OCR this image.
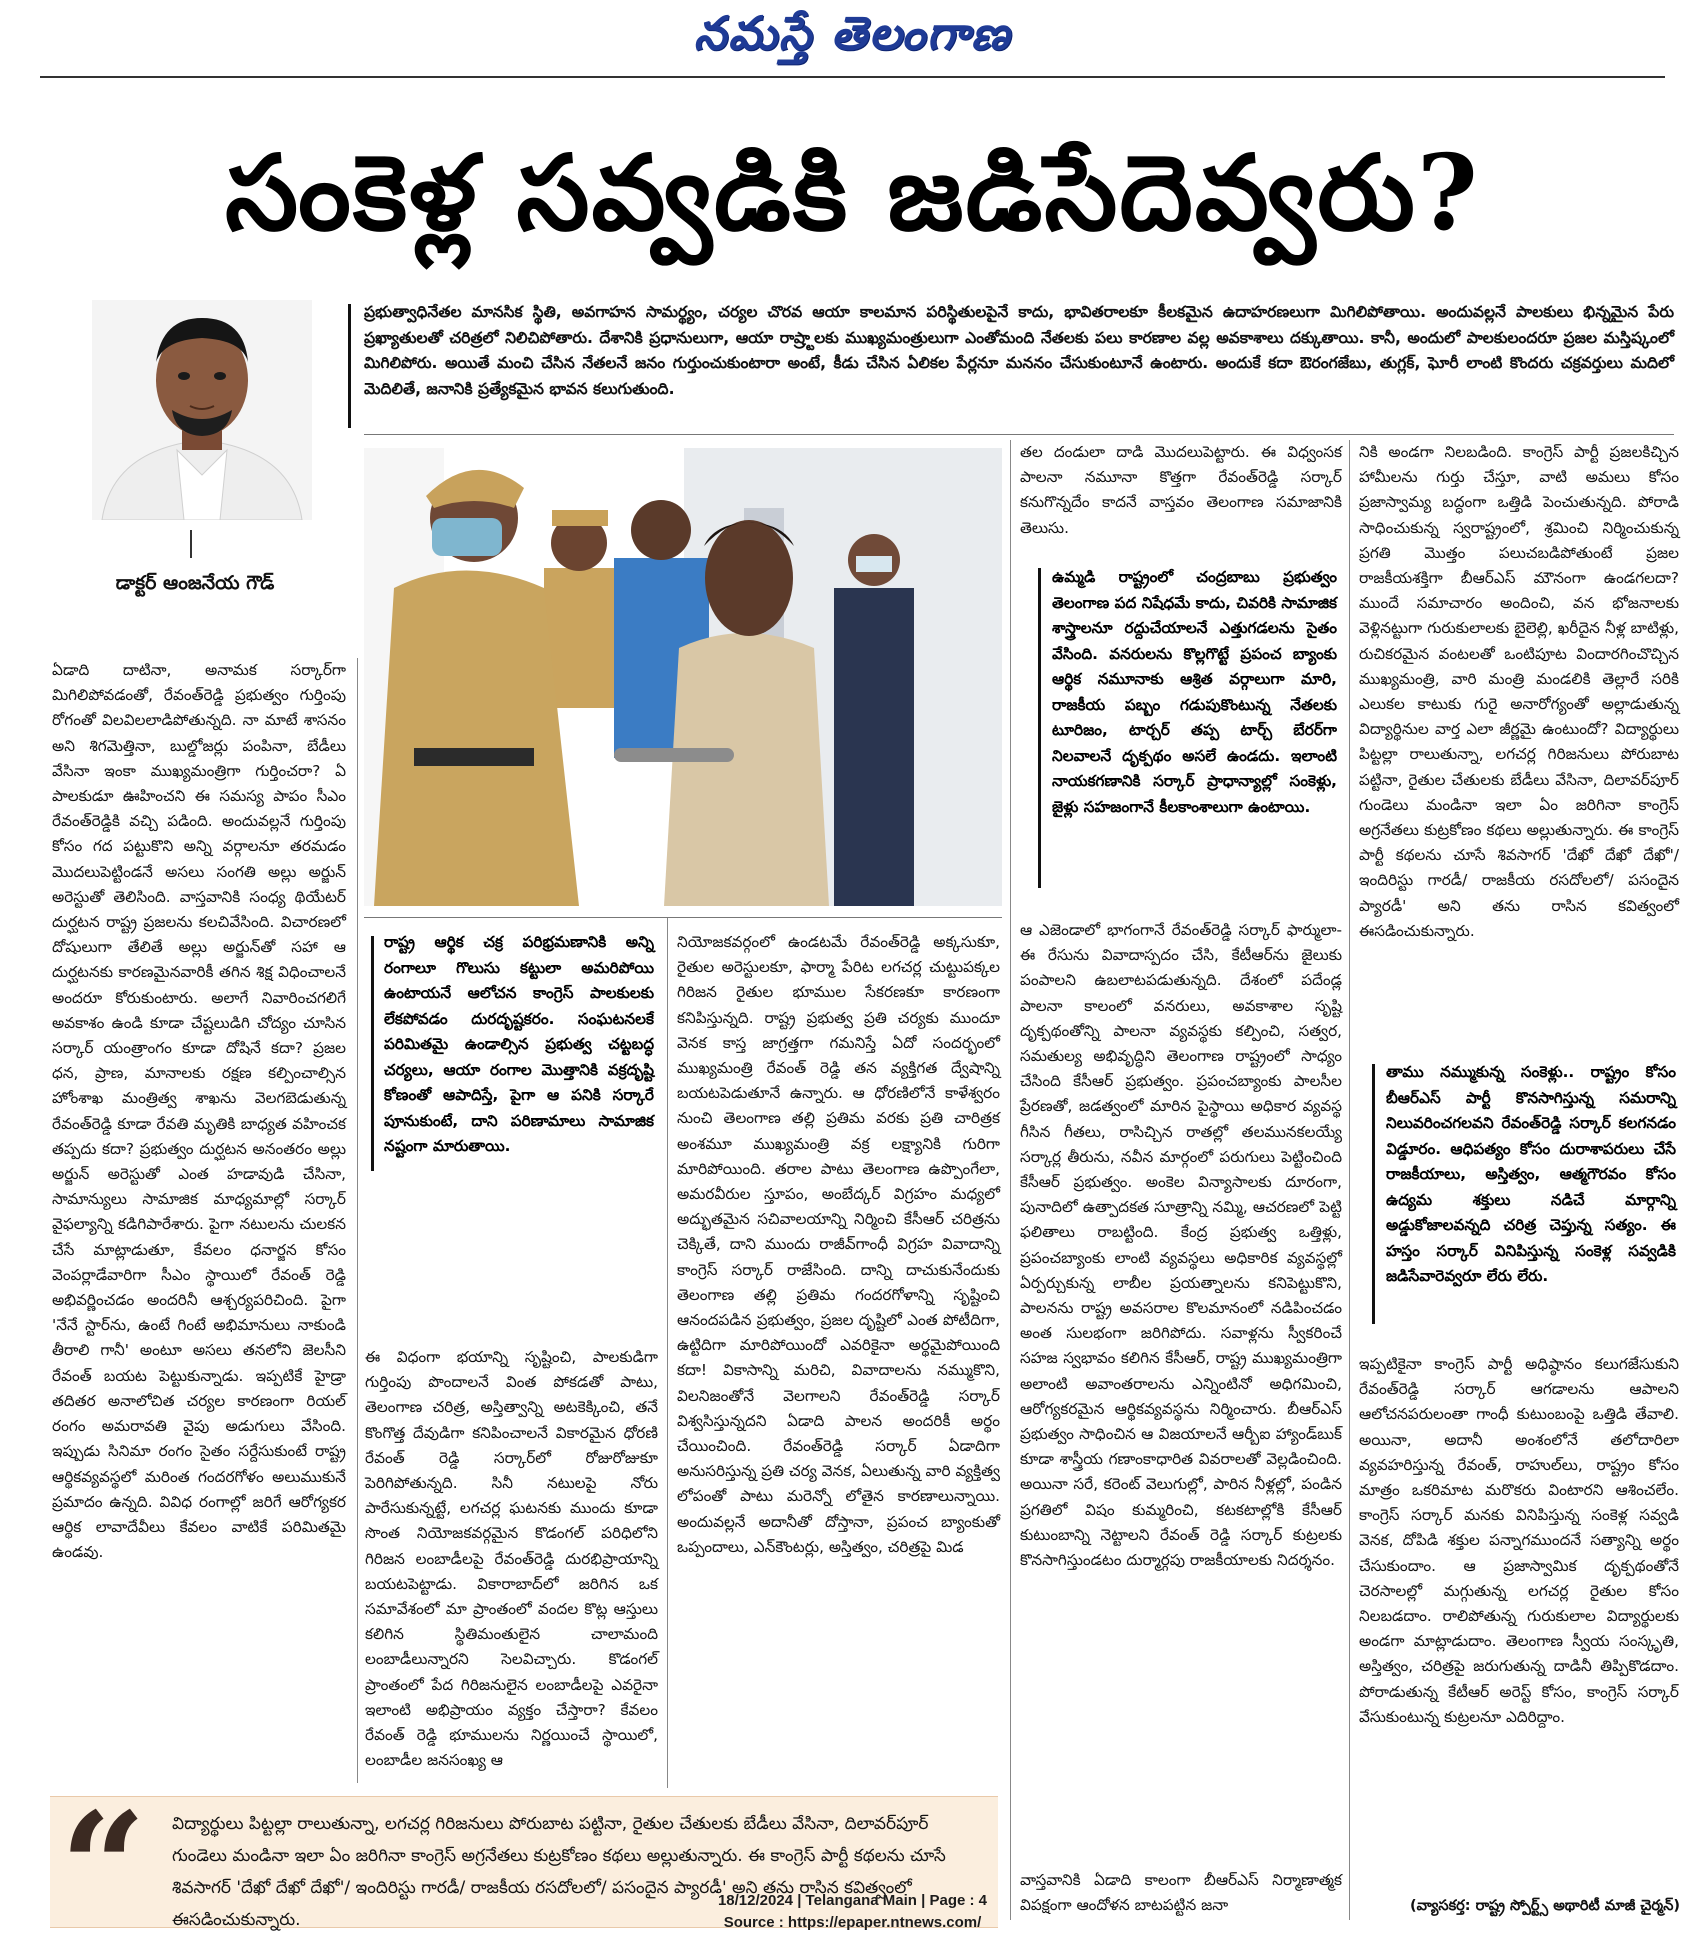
నమస్తే తెలంగాణ
సంకెళ్ల సవ్వడికి జడిసేదెవ్వరు?
డాక్టర్ ఆంజనేయ గౌడ్
ప్రభుత్వాధినేతల మానసిక స్థితి, అవగాహన సామర్థ్యం, చర్యల చొరవ ఆయా కాలమాన పరిస్థితులపైనే కాదు, భావితరాలకూ కీలకమైన ఉదాహరణలుగా మిగిలిపోతాయి. అందువల్లనే పాలకులు భిన్నమైన పేరు ప్రఖ్యాతులతో చరిత్రలో నిలిచిపోతారు. దేశానికి ప్రధానులుగా, ఆయా రాష్ర్టాలకు ముఖ్యమంత్రులుగా ఎంతోమంది నేతలకు పలు కారణాల వల్ల అవకాశాలు దక్కుతాయి. కానీ, అందులో పాలకులందరూ ప్రజల మస్తిష్కంలో మిగిలిపోరు. అయితే మంచి చేసిన నేతలనే జనం గుర్తుంచుకుంటారా అంటే, కీడు చేసిన ఏలికల పేర్లనూ మననం చేసుకుంటూనే ఉంటారు. అందుకే కదా ఔరంగజేబు, తుగ్లక్, ఘోరీ లాంటి కొందరు చక్రవర్తులు మదిలో మెదిలితే, జనానికి ప్రత్యేకమైన భావన కలుగుతుంది.
రాష్ట్ర ఆర్థిక చక్ర పరిభ్రమణానికి అన్ని రంగాలూ గొలుసు కట్టులా అమరిపోయి ఉంటాయనే ఆలోచన కాంగ్రెస్ పాలకులకు లేకపోవడం దురదృష్టకరం. సంఘటనలకే పరిమితమై ఉండాల్సిన ప్రభుత్వ చట్టబద్ధ చర్యలు, ఆయా రంగాల మొత్తానికి వక్రదృష్టి కోణంతో ఆపాదిస్తే, పైగా ఆ పనికి సర్కారే పూనుకుంటే, దాని పరిణామాలు సామాజిక నష్టంగా మారుతాయి.
ఏడాది దాటినా, అనామక సర్కార్‌గా మిగిలిపోవడంతో, రేవంత్‌రెడ్డి ప్రభుత్వం గుర్తింపు రోగంతో విలవిలలాడిపోతున్నది. నా మాటే శాసనం అని శిగమెత్తినా, బుల్డోజర్లు పంపినా, బేడీలు వేసినా ఇంకా ముఖ్యమంత్రిగా గుర్తించరా? ఏ పాలకుడూ ఊహించని ఈ సమస్య పాపం సీఎం రేవంత్‌రెడ్డికి వచ్చి పడింది. అందువల్లనే గుర్తింపు కోసం గద పట్టుకొని అన్ని వర్గాలనూ తరమడం మొదలుపెట్టిండనే అసలు సంగతి అల్లు అర్జున్ అరెస్టుతో తెలిసింది. వాస్తవానికి సంధ్య థియేటర్ దుర్ఘటన రాష్ట్ర ప్రజలను కలచివేసింది. విచారణలో దోషులుగా తేలితే అల్లు అర్జున్‌తో సహా ఆ దుర్ఘటనకు కారణమైనవారికీ తగిన శిక్ష విధించాలనే అందరూ కోరుకుంటారు. అలాగే నివారించగలిగే అవకాశం ఉండి కూడా చేష్టలుడిగి చోద్యం చూసిన సర్కార్ యంత్రాంగం కూడా దోషినే కదా? ప్రజల ధన, ప్రాణ, మానాలకు రక్షణ కల్పించాల్సిన హోంశాఖ మంత్రిత్వ శాఖను వెలగబెడుతున్న రేవంత్‌రెడ్డి కూడా రేవతి మృతికి బాధ్యత వహించక తప్పదు కదా? ప్రభుత్వం దుర్ఘటన అనంతరం అల్లు అర్జున్ అరెస్టుతో ఎంత హడావుడి చేసినా, సామాన్యులు సామాజిక మాధ్యమాల్లో సర్కార్ వైఫల్యాన్ని కడిగిపారేశారు. పైగా నటులను చులకన చేసే మాట్లాడుతూ, కేవలం ధనార్జన కోసం వెంపర్లాడేవారిగా సీఎం స్థాయిలో రేవంత్ రెడ్డి అభివర్ణించడం అందరినీ ఆశ్చర్యపరిచింది. పైగా 'నేనే స్టార్‌ను, ఉంటే గింటే అభిమానులు నాకుండి తీరాలి గానీ' అంటూ అసలు తనలోని జెలసీని రేవంత్ బయట పెట్టుకున్నాడు. ఇప్పటికే హైడ్రా తదితర అనాలోచిత చర్యల కారణంగా రియల్ రంగం అమరావతి వైపు అడుగులు వేసింది. ఇప్పుడు సినిమా రంగం సైతం సర్దేసుకుంటే రాష్ట్ర ఆర్థికవ్యవస్థలో మరింత గందరగోళం అలుముకునే ప్రమాదం ఉన్నది. వివిధ రంగాల్లో జరిగే ఆరోగ్యకర ఆర్థిక లావాదేవీలు కేవలం వాటికే పరిమితమై ఉండవు.
ఈ విధంగా భయాన్ని సృష్టించి, పాలకుడిగా గుర్తింపు పొందాలనే వింత పోకడతో పాటు, తెలంగాణ చరిత్ర, అస్తిత్వాన్ని అటకెక్కించి, తనే కొంగొత్త దేవుడిగా కనిపించాలనే వికారమైన ధోరణి రేవంత్ రెడ్డి సర్కార్‌లో రోజురోజుకూ పెరిగిపోతున్నది. సినీ నటులపై నోరు పారేసుకున్నట్టే, లగచర్ల ఘటనకు ముందు కూడా సొంత నియోజకవర్గమైన కొడంగల్ పరిధిలోని గిరిజన లంబాడీలపై రేవంత్‌రెడ్డి దురభిప్రాయాన్ని బయటపెట్టాడు. వికారాబాద్‌లో జరిగిన ఒక సమావేశంలో మా ప్రాంతంలో వందల కొట్ల ఆస్తులు కలిగిన స్థితిమంతులైన చాలామంది లంబాడీలున్నారని సెలవిచ్చారు. కొడంగల్ ప్రాంతంలో పేద గిరిజనులైన లంబాడీలపై ఎవరైనా ఇలాంటి అభిప్రాయం వ్యక్తం చేస్తారా? కేవలం రేవంత్ రెడ్డి భూములను నిర్ణయించే స్థాయిలో, లంబాడీల జనసంఖ్య ఆ
నియోజకవర్గంలో ఉండటమే రేవంత్‌రెడ్డి అక్కసుకూ, రైతుల అరెస్టులకూ, ఫార్మా పేరిట లగచర్ల చుట్టుపక్కల గిరిజన రైతుల భూముల సేకరణకూ కారణంగా కనిపిస్తున్నది. రాష్ట్ర ప్రభుత్వ ప్రతి చర్యకు ముందూ వెనక కాస్త జాగ్రత్తగా గమనిస్తే ఏదో సందర్భంలో ముఖ్యమంత్రి రేవంత్ రెడ్డి తన వ్యక్తిగత ద్వేషాన్ని బయటపెడుతూనే ఉన్నారు. ఆ ధోరణిలోనే కాళేశ్వరం నుంచి తెలంగాణ తల్లి ప్రతిమ వరకు ప్రతి చారిత్రక అంశమూ ముఖ్యమంత్రి వక్ర లక్ష్యానికి గురిగా మారిపోయింది. తరాల పాటు తెలంగాణ ఉప్పొంగేలా, అమరవీరుల స్తూపం, అంబేద్కర్ విగ్రహం మధ్యలో అద్భుతమైన సచివాలయాన్ని నిర్మించి కేసీఆర్ చరిత్రను చెక్కితే, దాని ముందు రాజీవ్‌గాంధీ విగ్రహ వివాదాన్ని కాంగ్రెస్ సర్కార్ రాజేసింది. దాన్ని దాచుకునేందుకు తెలంగాణ తల్లి ప్రతిమ గందరగోళాన్ని సృష్టించి ఆనందపడిన ప్రభుత్వం, ప్రజల దృష్టిలో ఎంత పోటీదిగా, ఉట్టిదిగా మారిపోయిందో ఎవరికైనా అర్థమైపోయింది కదా! వికాసాన్ని మరిచి, వివాదాలను నమ్ముకొని, విలనిజంతోనే వెలగాలని రేవంత్‌రెడ్డి సర్కార్ విశ్వసిస్తున్నదని ఏడాది పాలన అందరికీ అర్థం చేయించింది. రేవంత్‌రెడ్డి సర్కార్ ఏడాదిగా అనుసరిస్తున్న ప్రతి చర్య వెనక, ఏలుతున్న వారి వ్యక్తిత్వ లోపంతో పాటు మరెన్నో లోతైన కారణాలున్నాయి. అందువల్లనే అదానీతో దోస్తానా, ప్రపంచ బ్యాంకుతో ఒప్పందాలు, ఎన్‌కౌంటర్లు, అస్తిత్వం, చరిత్రపై మిడ
తల దండులా దాడి మొదలుపెట్టారు. ఈ విధ్వంసక పాలనా నమూనా కొత్తగా రేవంత్‌రెడ్డి సర్కార్ కనుగొన్నదేం కాదనే వాస్తవం తెలంగాణ సమాజానికి తెలుసు.
ఉమ్మడి రాష్ట్రంలో చంద్రబాబు ప్రభుత్వం తెలంగాణ పద నిషేధమే కాదు, చివరికి సామాజిక శాస్త్రాలనూ రద్దుచేయాలనే ఎత్తుగడలను సైతం వేసింది. వనరులను కొల్లగొట్టే ప్రపంచ బ్యాంకు ఆర్థిక నమూనాకు ఆశ్రిత వర్గాలుగా మారి, రాజకీయ పబ్బం గడుపుకొంటున్న నేతలకు టూరిజం, టార్చర్ తప్ప టార్చ్ బేరర్‌గా నిలవాలనే దృక్పథం అసలే ఉండదు. ఇలాంటి నాయకగణానికి సర్కార్ ప్రాధాన్యాల్లో సంకెళ్లు, జైళ్లు సహజంగానే కీలకాంశాలుగా ఉంటాయి.
ఆ ఎజెండాలో భాగంగానే రేవంత్‌రెడ్డి సర్కార్ ఫార్ములా-ఈ రేసును వివాదాస్పదం చేసి, కేటీఆర్‌ను జైలుకు పంపాలని ఉబలాటపడుతున్నది. దేశంలో పదేండ్ల పాలనా కాలంలో వనరులు, అవకాశాల సృష్టి దృక్పథంతోన్ని పాలనా వ్యవస్థకు కల్పించి, సత్వర, సమతుల్య అభివృద్ధిని తెలంగాణ రాష్ట్రంలో సాధ్యం చేసింది కేసీఆర్ ప్రభుత్వం. ప్రపంచబ్యాంకు పాలసీల ప్రేరణతో, జడత్వంలో మారిన పైస్థాయి అధికార వ్యవస్థ గీసిన గీతలు, రాసిచ్చిన రాతల్లో తలమునకలయ్యే సర్కార్ల తీరును, నవీన మార్గంలో పరుగులు పెట్టించింది కేసీఆర్ ప్రభుత్వం. అంకెల విన్యాసాలకు దూరంగా, పునాదిలో ఉత్పాదకత సూత్రాన్ని నమ్మి, ఆచరణలో పెట్టి ఫలితాలు రాబట్టింది. కేంద్ర ప్రభుత్వ ఒత్తిళ్లు, ప్రపంచబ్యాంకు లాంటి వ్యవస్థలు అధికారిక వ్యవస్థల్లో ఏర్పర్చుకున్న లాబీల ప్రయత్నాలను కనిపెట్టుకొని, పాలనను రాష్ట్ర అవసరాల కొలమానంలో నడిపించడం అంత సులభంగా జరిగిపోదు. సవాళ్లను స్వీకరించే సహజ స్వభావం కలిగిన కేసీఆర్, రాష్ట్ర ముఖ్యమంత్రిగా అలాంటి అవాంతరాలను ఎన్నింటినో అధిగమించి, ఆరోగ్యకరమైన ఆర్థికవ్యవస్థను నిర్మించారు. బీఆర్‌ఎస్ ప్రభుత్వం సాధించిన ఆ విజయాలనే ఆర్బీఐ హ్యాండ్‌బుక్ కూడా శాస్త్రీయ గణాంకాధారిత వివరాలతో వెల్లడించింది. అయినా సరే, కరెంట్ వెలుగుల్లో, పారిన నీళ్లల్లో, పండిన ప్రగతిలో విషం కుమ్మరించి, కటకటాల్లోకి కేసీఆర్ కుటుంబాన్ని నెట్టాలని రేవంత్ రెడ్డి సర్కార్ కుట్రలకు కొనసాగిస్తుండటం దుర్మార్గపు రాజకీయాలకు నిదర్శనం.
వాస్తవానికి ఏడాది కాలంగా బీఆర్‌ఎస్ నిర్మాణాత్మక విపక్షంగా ఆందోళన బాటపట్టిన జనా
నికి అండగా నిలబడింది. కాంగ్రెస్ పార్టీ ప్రజలకిచ్చిన హామీలను గుర్తు చేస్తూ, వాటి అమలు కోసం ప్రజాస్వామ్య బద్ధంగా ఒత్తిడి పెంచుతున్నది. పోరాడి సాధించుకున్న స్వరాష్ట్రంలో, శ్రమించి నిర్మించుకున్న ప్రగతి మొత్తం పలుచబడిపోతుంటే ప్రజల రాజకీయశక్తిగా బీఆర్‌ఎస్ మౌనంగా ఉండగలదా? ముందే సమాచారం అందించి, వన భోజనాలకు వెళ్లినట్టుగా గురుకులాలకు బైలెల్లి, ఖరీదైన నీళ్ల బాటిళ్లు, రుచికరమైన వంటలతో ఒంటిపూట విందారగించొచ్చిన ముఖ్యమంత్రి, వారి మంత్రి మండలికి తెల్లారే సరికి ఎలుకల కాటుకు గురై అనారోగ్యంతో అల్లాడుతున్న విద్యార్థినుల వార్త ఎలా జీర్ణమై ఉంటుందో? విద్యార్థులు పిట్టల్లా రాలుతున్నా, లగచర్ల గిరిజనులు పోరుబాట పట్టినా, రైతుల చేతులకు బేడీలు వేసినా, దిలావర్‌పూర్ గుండెలు మండినా ఇలా ఏం జరిగినా కాంగ్రెస్ అగ్రనేతలు కుట్రకోణం కథలు అల్లుతున్నారు. ఈ కాంగ్రెస్ పార్టీ కథలను చూసే శివసాగర్ 'దేఖో దేఖో దేఖో'/ ఇందిరిస్టు గారడీ/ రాజకీయ రసదోలలో/ పసందైన ప్యారడీ' అని తను రాసిన కవిత్వంలో ఈసడించుకున్నారు.
తాము నమ్ముకున్న సంకెళ్లు.. రాష్ట్రం కోసం బీఆర్‌ఎస్ పార్టీ కొనసాగిస్తున్న సమరాన్ని నిలువరించగలవని రేవంత్‌రెడ్డి సర్కార్ కలగనడం విడ్డూరం. ఆధిపత్యం కోసం దురాశాపరులు చేసే రాజకీయాలు, అస్తిత్వం, ఆత్మగౌరవం కోసం ఉద్యమ శక్తులు నడిచే మార్గాన్ని అడ్డుకోజాలవన్నది చరిత్ర చెప్తున్న సత్యం. ఈ హస్తం సర్కార్ వినిపిస్తున్న సంకెళ్ల సవ్వడికి జడిసేవారెవ్వరూ లేరు లేరు.
ఇప్పటికైనా కాంగ్రెస్ పార్టీ అధిష్ఠానం కలుగజేసుకుని రేవంత్‌రెడ్డి సర్కార్ ఆగడాలను ఆపాలని ఆలోచనపరులంతా గాంధీ కుటుంబంపై ఒత్తిడి తేవాలి. అయినా, అదానీ అంశంలోనే తలోదారిలా వ్యవహరిస్తున్న రేవంత్, రాహుల్‌లు, రాష్ట్రం కోసం మాత్రం ఒకరిమాట మరొకరు వింటారని ఆశించలేం. కాంగ్రెస్ సర్కార్ మనకు వినిపిస్తున్న సంకెళ్ల సవ్వడి వెనక, దోపిడి శక్తుల పన్నాగముందనే సత్యాన్ని అర్థం చేసుకుందాం. ఆ ప్రజాస్వామిక దృక్పథంతోనే చెరసాలల్లో మగ్గుతున్న లగచర్ల రైతుల కోసం నిలబడదాం. రాలిపోతున్న గురుకులాల విద్యార్థులకు అండగా మాట్లాడుదాం. తెలంగాణ స్వీయ సంస్కృతి, అస్తిత్వం, చరిత్రపై జరుగుతున్న దాడినీ తిప్పికొడదాం. పోరాడుతున్న కేటీఆర్ అరెస్ట్ కోసం, కాంగ్రెస్ సర్కార్ వేసుకుంటున్న కుట్రలనూ ఎదిరిద్దాం.
(వ్యాసకర్త: రాష్ట్ర స్పోర్ట్స్ అథారిటీ మాజీ చైర్మన్)
“	విద్యార్థులు పిట్టల్లా రాలుతున్నా, లగచర్ల గిరిజనులు పోరుబాట పట్టినా, రైతుల చేతులకు బేడీలు వేసినా, దిలావర్‌పూర్ గుండెలు మండినా ఇలా ఏం జరిగినా కాంగ్రెస్ అగ్రనేతలు కుట్రకోణం కథలు అల్లుతున్నారు. ఈ కాంగ్రెస్ పార్టీ కథలను చూసే శివసాగర్ 'దేఖో దేఖో దేఖో'/ ఇందిరిస్టు గారడీ/ రాజకీయ రసదోలలో/ పసందైన ప్యారడీ' అని తను రాసిన కవిత్వంలో ఈసడించుకున్నారు.
18/12/2024 | Telangana Main | Page : 4
Source : https://epaper.ntnews.com/
